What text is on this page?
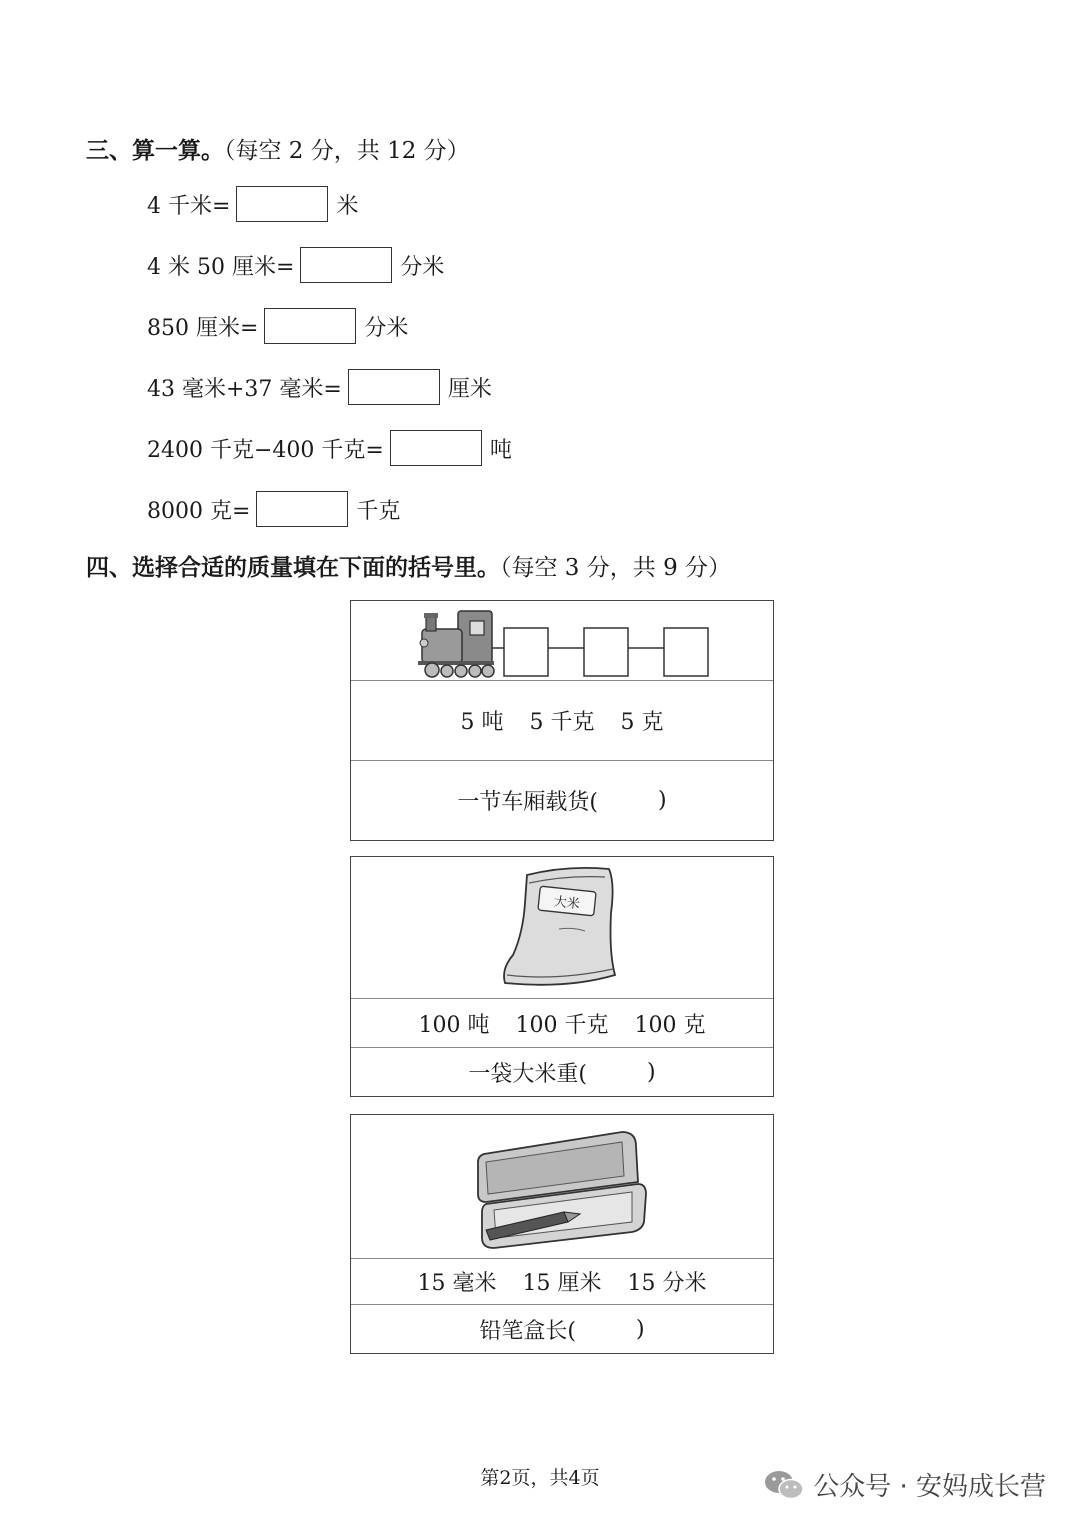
三、算一算。（每空 2 分，共 12 分）
4 千米=	米
4 米 50 厘米=	分米
850 厘米=	分米
43 毫米+37 毫米=	厘米
2400 千克−400 千克=	吨
8000 克=	千克
四、选择合适的质量填在下面的括号里。（每空 3 分，共 9 分）
5 吨 5 千克 5 克
一节车厢载货(	)
大米
100 吨 100 千克 100 克
一袋大米重(	)
15 毫米 15 厘米 15 分米
铅笔盒长(	)
第2页，共4页	公众号 · 安妈成长营
